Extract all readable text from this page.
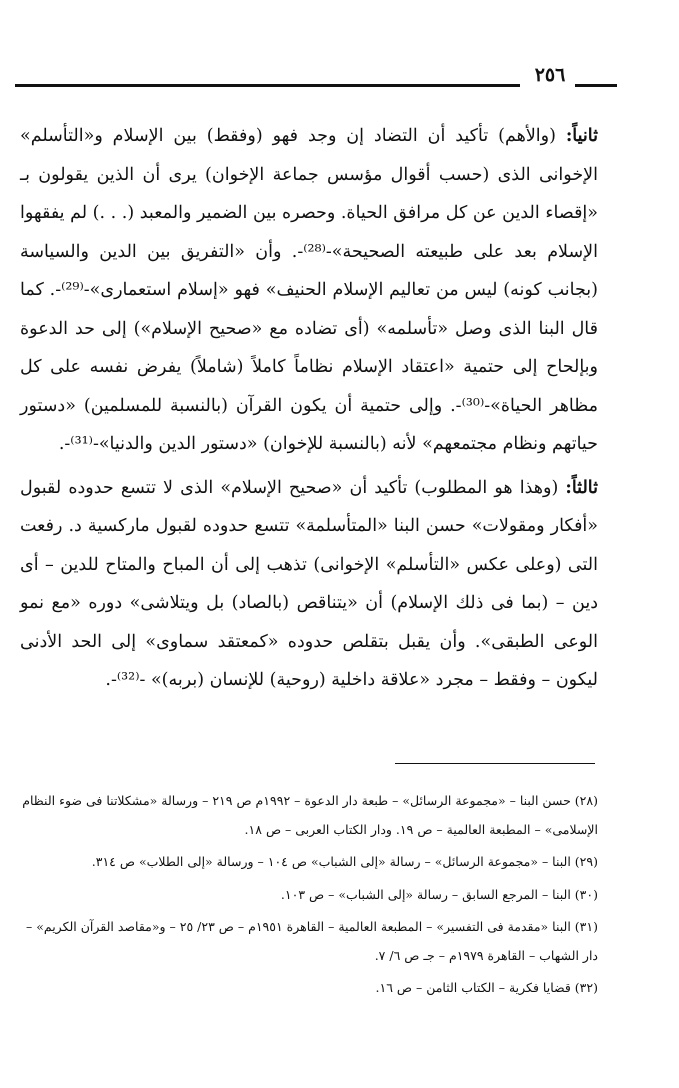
٢٥٦

ثانياً: (والأهم) تأكيد أن التضاد إن وجد فهو (وفقط) بين الإسلام و«التأسلم» الإخوانى الذى (حسب أقوال مؤسس جماعة الإخوان) يرى أن الذين يقولون بـ «إقصاء الدين عن كل مرافق الحياة. وحصره بين الضمير والمعبد (. . .) لم يفقهوا الإسلام بعد على طبيعته الصحيحة»-⁽²⁸⁾-. وأن «التفريق بين الدين والسياسة (بجانب كونه) ليس من تعاليم الإسلام الحنيف» فهو «إسلام استعمارى»-⁽²⁹⁾-. كما قال البنا الذى وصل «تأسلمه» (أى تضاده مع «صحيح الإسلام») إلى حد الدعوة وبإلحاح إلى حتمية «اعتقاد الإسلام نظاماً كاملاً (شاملاً) يفرض نفسه على كل مظاهر الحياة»-⁽³⁰⁾-. وإلى حتمية أن يكون القرآن (بالنسبة للمسلمين) «دستور حياتهم ونظام مجتمعهم» لأنه (بالنسبة للإخوان) «دستور الدين والدنيا»-⁽³¹⁾-.

ثالثاً: (وهذا هو المطلوب) تأكيد أن «صحيح الإسلام» الذى لا تتسع حدوده لقبول «أفكار ومقولات» حسن البنا «المتأسلمة» تتسع حدوده لقبول ماركسية د. رفعت التى (وعلى عكس «التأسلم» الإخوانى) تذهب إلى أن المباح والمتاح للدين – أى دين – (بما فى ذلك الإسلام) أن «يتناقص (بالصاد) بل ويتلاشى» دوره «مع نمو الوعى الطبقى». وأن يقبل بتقلص حدوده «كمعتقد سماوى» إلى الحد الأدنى ليكون – وفقط – مجرد «علاقة داخلية (روحية) للإنسان (بربه)» -⁽³²⁾-.

(٢٨) حسن البنا – «مجموعة الرسائل» – طبعة دار الدعوة – ١٩٩٢م ص ٢١٩ – ورسالة «مشكلاتنا فى ضوء النظام الإسلامى» – المطبعة العالمية – ص ١٩. ودار الكتاب العربى – ص ١٨.

(٢٩) البنا – «مجموعة الرسائل» – رسالة «إلى الشباب» ص ١٠٤ – ورسالة «إلى الطلاب» ص ٣١٤.

(٣٠) البنا – المرجع السابق – رسالة «إلى الشباب» – ص ١٠٣.

(٣١) البنا «مقدمة فى التفسير» – المطبعة العالمية – القاهرة ١٩٥١م – ص ٢٣/ ٢٥ – و«مقاصد القرآن الكريم» – دار الشهاب – القاهرة ١٩٧٩م – جـ ص ٦/ ٧.

(٣٢) قضايا فكرية – الكتاب الثامن – ص ١٦.
